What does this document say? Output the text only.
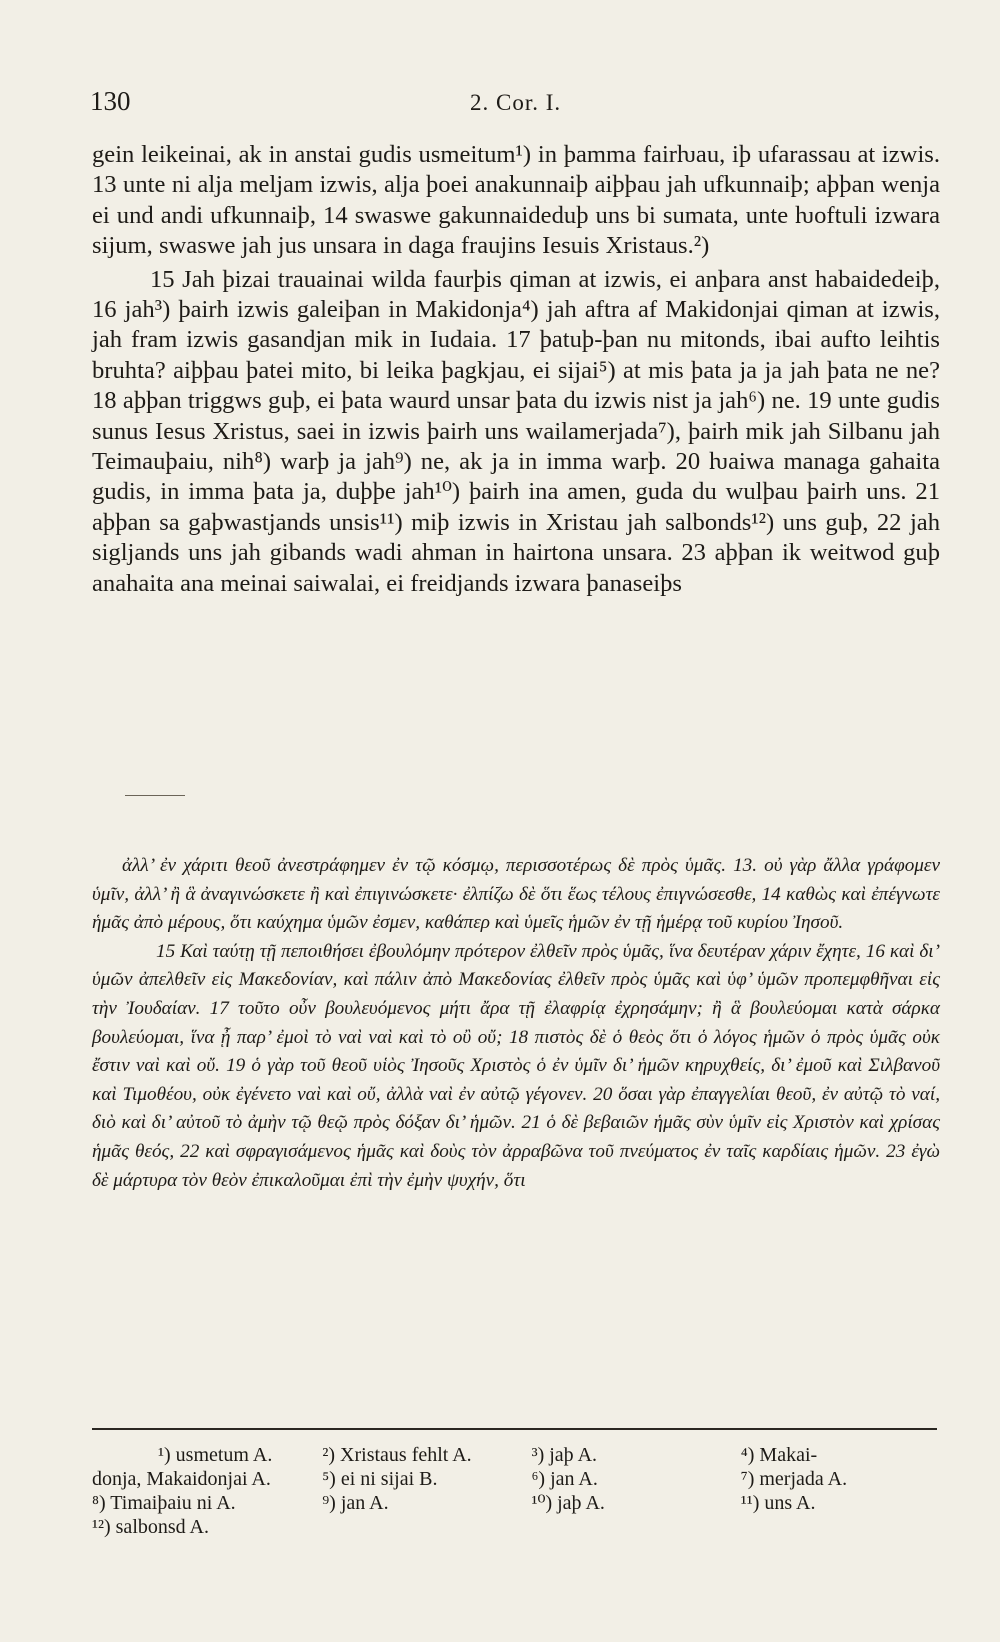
130	2. Cor. I.

gein leikeinai, ak in anstai gudis usmeitum¹) in þamma fairƕau, iþ ufarassau at izwis. 13 unte ni alja meljam izwis, alja þoei anakunnaiþ aiþþau jah ufkunnaiþ; aþþan wenja ei und andi ufkunnaiþ, 14 swaswe gakunnaideduþ uns bi sumata, unte ƕoftuli izwara sijum, swaswe jah jus unsara in daga fraujins Iesuis Xristaus.²)

15 Jah þizai trauainai wilda faurþis qiman at izwis, ei anþara anst habaidedeiþ, 16 jah³) þairh izwis galeiþan in Makidonja⁴) jah aftra af Makidonjai qiman at izwis, jah fram izwis gasandjan mik in Iudaia. 17 þatuþ-þan nu mitonds, ibai aufto leihtis bruhta? aiþþau þatei mito, bi leika þagkjau, ei sijai⁵) at mis þata ja ja jah þata ne ne? 18 aþþan triggws guþ, ei þata waurd unsar þata du izwis nist ja jah⁶) ne. 19 unte gudis sunus Iesus Xristus, saei in izwis þairh uns wailamerjada⁷), þairh mik jah Silbanu jah Teimauþaiu, nih⁸) warþ ja jah⁹) ne, ak ja in imma warþ. 20 ƕaiwa managa gahaita gudis, in imma þata ja, duþþe jah¹⁰) þairh ina amen, guda du wulþau þairh uns. 21 aþþan sa gaþwastjands unsis¹¹) miþ izwis in Xristau jah salbonds¹²) uns guþ, 22 jah sigljands uns jah gibands wadi ahman in hairtona unsara. 23 aþþan ik weitwod guþ anahaita ana meinai saiwalai, ei freidjands izwara þanaseiþs

ἀλλ’ ἐν χάριτι θεοῦ ἀνεστράφημεν ἐν τῷ κόσμῳ, περισσοτέρως δὲ πρὸς ὑμᾶς. 13. οὐ γὰρ ἄλλα γράφομεν ὑμῖν, ἀλλ’ ἢ ἃ ἀναγινώσκετε ἢ καὶ ἐπιγινώσκετε· ἐλπίζω δὲ ὅτι ἕως τέλους ἐπιγνώσεσθε, 14 καθὼς καὶ ἐπέγνωτε ἡμᾶς ἀπὸ μέρους, ὅτι καύχημα ὑμῶν ἐσμεν, καθάπερ καὶ ὑμεῖς ἡμῶν ἐν τῇ ἡμέρᾳ τοῦ κυρίου Ἰησοῦ.

15 Καὶ ταύτῃ τῇ πεποιθήσει ἐβουλόμην πρότερον ἐλθεῖν πρὸς ὑμᾶς, ἵνα δευτέραν χάριν ἔχητε, 16 καὶ δι’ ὑμῶν ἀπελθεῖν εἰς Μακεδονίαν, καὶ πάλιν ἀπὸ Μακεδονίας ἐλθεῖν πρὸς ὑμᾶς καὶ ὑφ’ ὑμῶν προπεμφθῆναι εἰς τὴν Ἰουδαίαν. 17 τοῦτο οὖν βουλευόμενος μήτι ἄρα τῇ ἐλαφρίᾳ ἐχρησάμην; ἢ ἃ βουλεύομαι κατὰ σάρκα βουλεύομαι, ἵνα ᾖ παρ’ ἐμοὶ τὸ ναὶ ναὶ καὶ τὸ οὒ οὔ; 18 πιστὸς δὲ ὁ θεὸς ὅτι ὁ λόγος ἡμῶν ὁ πρὸς ὑμᾶς οὐκ ἔστιν ναὶ καὶ οὔ. 19 ὁ γὰρ τοῦ θεοῦ υἱὸς Ἰησοῦς Χριστὸς ὁ ἐν ὑμῖν δι’ ἡμῶν κηρυχθείς, δι’ ἐμοῦ καὶ Σιλβανοῦ καὶ Τιμοθέου, οὐκ ἐγένετο ναὶ καὶ οὔ, ἀλλὰ ναὶ ἐν αὐτῷ γέγονεν. 20 ὅσαι γὰρ ἐπαγγελίαι θεοῦ, ἐν αὐτῷ τὸ ναί, διὸ καὶ δι’ αὐτοῦ τὸ ἀμὴν τῷ θεῷ πρὸς δόξαν δι’ ἡμῶν. 21 ὁ δὲ βεβαιῶν ἡμᾶς σὺν ὑμῖν εἰς Χριστὸν καὶ χρίσας ἡμᾶς θεός, 22 καὶ σφραγισάμενος ἡμᾶς καὶ δοὺς τὸν ἀρραβῶνα τοῦ πνεύματος ἐν ταῖς καρδίαις ἡμῶν. 23 ἐγὼ δὲ μάρτυρα τὸν θεὸν ἐπικαλοῦμαι ἐπὶ τὴν ἐμὴν ψυχήν, ὅτι

¹) usmetum A.	²) Xristaus fehlt A.	³) jaþ A.	⁴) Makai-
donja, Makaidonjai A.	⁵) ei ni sijai B.	⁶) jan A.	⁷) merjada A.
⁸) Timaiþaiu ni A.	⁹) jan A.	¹⁰) jaþ A.	¹¹) uns A.
¹²) salbonsd A.
